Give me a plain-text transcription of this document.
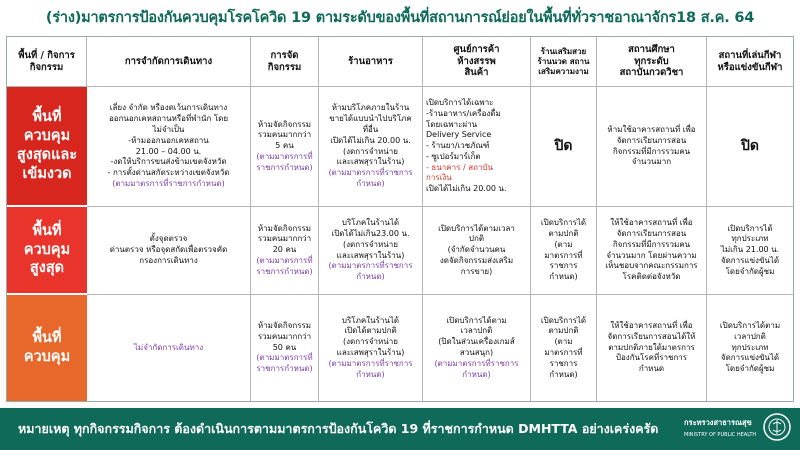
(ร่าง)มาตรการป้องกันควบคุมโรคโควิด 19 ตามระดับของพื้นที่สถานการณ์ย่อยในพื้นที่ทั่วราชอาณาจักร18 ส.ค. 64
พื้นที่ / กิจการ
กิจกรรม
การจำกัดการเดินทาง
การจัด
กิจกรรม
ร้านอาหาร
ศูนย์การค้า
ห้างสรรพ
สินค้า
ร้านเสริมสวย
ร้านนวด สถาน
เสริมความงาม
สถานศึกษา
ทุกระดับ
สถาบันกวดวิชา
สถานที่เล่นกีฬา
หรือแข่งขันกีฬา
พื้นที่
ควบคุม
สูงสุดและ
เข้มงวด
เลี่ยง จำกัด หรืองดเว้นการเดินทาง
ออกนอกเคหสถานหรือที่พำนัก โดย
ไม่จำเป็น
-ห้ามออกนอกเคหสถาน
21.00 – 04.00 น.
-งดให้บริการขนส่งข้ามเขตจังหวัด
- การตั้งด่านสกัดระหว่างเขตจังหวัด
(ตามมาตรการที่ราชการกำหนด)
ห้ามจัดกิจกรรม
รวมคนมากกว่า
5 คน
(ตามมาตรการที่
ราชการกำหนด)
ห้ามบริโภคภายในร้าน
ขายได้แบบนำไปบริโภค
ที่อื่น
เปิดได้ไม่เกิน 20.00 น.
(งดการจำหน่าย
และเสพสุราในร้าน)
(ตามมาตรการที่ราชการ
กำหนด)
เปิดบริการได้เฉพาะ
-ร้านอาหาร/เครื่องดื่ม
โดยเฉพาะผ่าน
Delivery Service
- ร้านยา/เวชภัณฑ์
- ซูเปอร์มาร์เก็ต
- ธนาคาร / สถาบัน
การเงิน
เปิดได้ไม่เกิน 20.00 น.
ปิด
ห้ามใช้อาคารสถานที่ เพื่อ
จัดการเรียนการสอน
กิจกรรมที่มีการรวมคน
จำนวนมาก
ปิด
พื้นที่
ควบคุม
สูงสุด
ตั้งจุดตรวจ
ด่านตรวจ หรือจุดสกัดเพื่อตรวจคัด
กรองการเดินทาง
ห้ามจัดกิจกรรม
รวมคนมากกว่า
20 คน
(ตามมาตรการที่
ราชการกำหนด)
บริโภคในร้านได้
เปิดได้ไม่เกิน23.00 น.
(งดการจำหน่าย
และเสพสุราในร้าน)
(ตามมาตรการที่ราชการ
กำหนด)
เปิดบริการได้ตามเวลา
ปกติ
(จำกัดจำนวนคน
งดจัดกิจกรรมส่งเสริม
การขาย)
เปิดบริการได้
ตามปกติ
(ตาม
มาตรการที่
ราชการ
กำหนด)
ให้ใช้อาคารสถานที่ เพื่อ
จัดการเรียนการสอน
กิจกรรมที่มีการรวมคน
จำนวนมาก โดยผ่านความ
เห็นชอบจากคณะกรรมการ
โรคติดต่อจังหวัด
เปิดบริการได้
ทุกประเภท
ไม่เกิน 21.00 น.
จัดการแข่งขันได้
โดยจำกัดผู้ชม
พื้นที่
ควบคุม
ไม่จำกัดการเดินทาง
ห้ามจัดกิจกรรม
รวมคนมากกว่า
50 คน
(ตามมาตรการที่
ราชการกำหนด)
บริโภคในร้านได้
เปิดได้ตามปกติ
(งดการจำหน่าย
และเสพสุราในร้าน)
(ตามมาตรการที่ราชการ
กำหนด)
เปิดบริการได้ตาม
เวลาปกติ
(ปิดในส่วนเครื่องเกมส์
สวนสนุก)
(ตามมาตรการที่ราชการ
กำหนด)
เปิดบริการได้
ตามปกติ
(ตาม
มาตรการที่
ราชการ
กำหนด)
ให้ใช้อาคารสถานที่ เพื่อ
จัดการเรียนการสอนได้ให้
ตามปกติภายใต้มาตรการ
ป้องกันโรคที่ราชการ
กำหนด
เปิดบริการได้ตาม
เวลาปกติ
ทุกประเภท
จัดการแข่งขันได้
โดยจำกัดผู้ชม
หมายเหตุ ทุกกิจกรรมกิจการ ต้องดำเนินการตามมาตรการป้องกันโควิด 19 ที่ราชการกำหนด DMHTTA อย่างเคร่งครัด	กระทรวงสาธารณสุข
MINISTRY OF PUBLIC HEALTH
